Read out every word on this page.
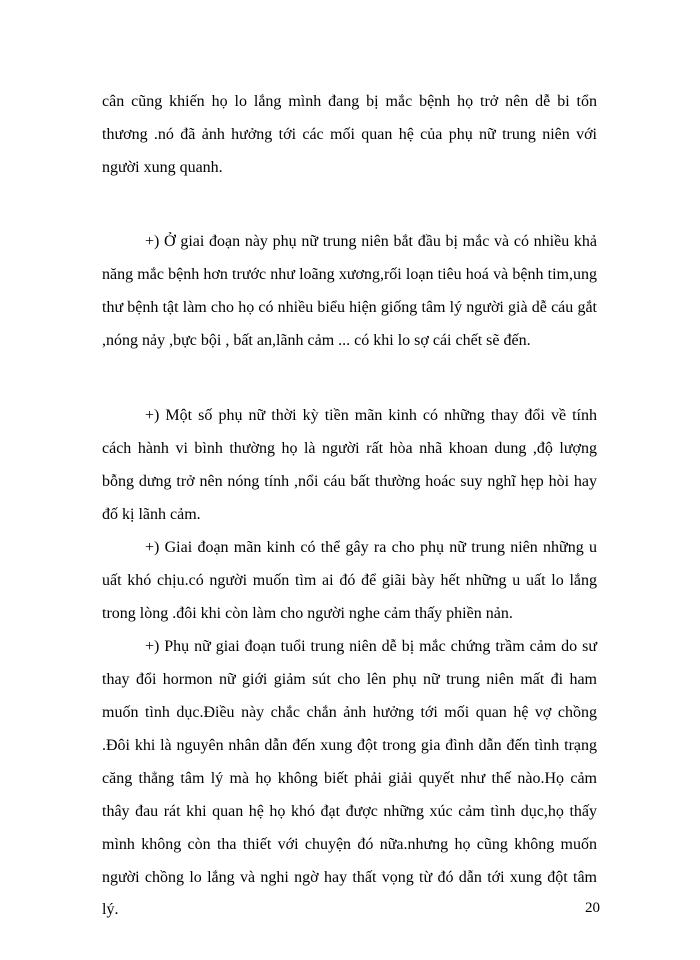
cân cũng khiến họ lo lắng mình đang bị mắc bệnh họ trở nên dễ bi tổn
thương .nó đã ảnh hưởng tới các mối quan hệ của phụ nữ trung niên với
người xung quanh.
+) Ở giai đoạn này phụ nữ trung niên bắt đầu bị mắc và có nhiều khả
năng mắc bệnh hơn trước như loãng xương,rối loạn tiêu hoá và bệnh tim,ung
thư bệnh tật làm cho họ có nhiều biểu hiện giống tâm lý người già dễ cáu gắt
,nóng nảy ,bực bội , bất an,lãnh cảm ... có khi lo sợ cái chết sẽ đến.
+) Một số phụ nữ thời kỳ tiền mãn kinh có những thay đổi về tính
cách hành vi bình thường họ là người rất hòa nhã khoan dung ,độ lượng
bỗng dưng trở nên nóng tính ,nổi cáu bất thường hoác suy nghĩ hẹp hòi hay
đố kị lãnh cảm.
+) Giai đoạn mãn kinh có thể gây ra cho phụ nữ trung niên những u
uất khó chịu.có người muốn tìm ai đó để giãi bày hết những u uất lo lắng
trong lòng .đôi khi còn làm cho người nghe cảm thấy phiền nản.
+) Phụ nữ giai đoạn tuổi trung niên dễ bị mắc chứng trầm cảm do sư
thay đổi hormon nữ giới giảm sút cho lên phụ nữ trung niên mất đi ham
muốn tình dục.Điều này chắc chắn ảnh hưởng tới mối quan hệ vợ chồng
.Đôi khi là nguyên nhân dẫn đến xung đột trong gia đình dẫn đến tình trạng
căng thẳng tâm lý mà họ không biết phải giải quyết như thế nào.Họ cảm
thây đau rát khi quan hệ họ khó đạt được những xúc cảm tình dục,họ thấy
mình không còn tha thiết với chuyện đó nữa.nhưng họ cũng không muốn
người chồng lo lắng và nghi ngờ hay thất vọng từ đó dẫn tới xung đột tâm
lý.	20
